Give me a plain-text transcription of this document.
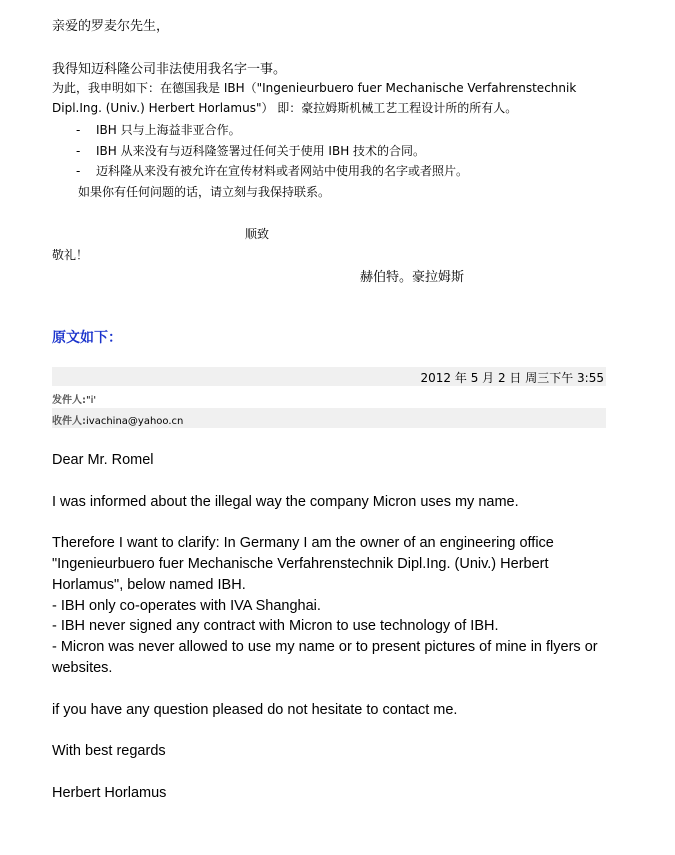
亲爱的罗麦尔先生，
我得知迈科隆公司非法使用我名字一事。
为此，我申明如下：在德国我是 IBH（"Ingenieurbuero fuer Mechanische Verfahrenstechnik
Dipl.Ing. (Univ.) Herbert Horlamus"） 即：豪拉姆斯机械工艺工程设计所的所有人。
- IBH 只与上海益非亚合作。
- IBH 从来没有与迈科隆签署过任何关于使用 IBH 技术的合同。
- 迈科隆从来没有被允许在宣传材料或者网站中使用我的名字或者照片。
如果你有任何问题的话，请立刻与我保持联系。
顺致
敬礼！
赫伯特。豪拉姆斯
原文如下：
2012 年 5 月 2 日 周三下午 3:55
发件人:"i'
收件人:ivachina@yahoo.cn
Dear Mr. Romel
I was informed about the illegal way the company Micron uses my name.
Therefore I want to clarify: In Germany I am the owner of an engineering office
"Ingenieurbuero fuer Mechanische Verfahrenstechnik Dipl.Ing. (Univ.) Herbert
Horlamus", below named IBH.
- IBH only co-operates with IVA Shanghai.
- IBH never signed any contract with Micron to use technology of IBH.
- Micron was never allowed to use my name or to present pictures of mine in flyers or
websites.
if you have any question pleased do not hesitate to contact me.
With best regards
Herbert Horlamus
